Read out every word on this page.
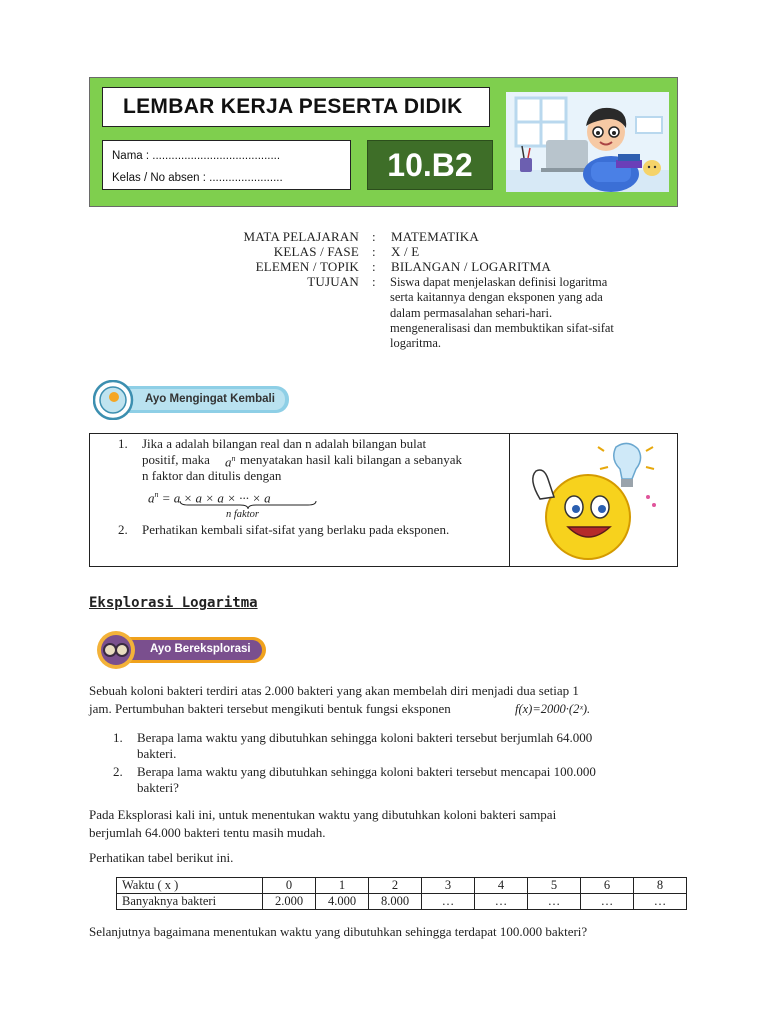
LEMBAR KERJA PESERTA DIDIK
Nama : ........................................
Kelas / No absen : .......................	10.B2
MATA PELAJARAN : MATEMATIKA
KELAS / FASE : X / E
ELEMEN / TOPIK : BILANGAN / LOGARITMA
TUJUAN : Siswa dapat menjelaskan definisi logaritma
serta kaitannya dengan eksponen yang ada
dalam permasalahan sehari-hari.
mengeneralisasi dan membuktikan sifat-sifat
logaritma.
Ayo Mengingat Kembali
1. Jika a adalah bilangan real dan n adalah bilangan bulat
positif, maka $a^n$ menyatakan hasil kali bilangan a sebanyak
n faktor dan ditulis dengan
$a^n = a \times a \times a$ × ··· × a
n faktor
2. Perhatikan kembali sifat-sifat yang berlaku pada eksponen.
Eksplorasi Logaritma
Ayo Bereksplorasi
Sebuah koloni bakteri terdiri atas 2.000 bakteri yang akan membelah diri menjadi dua setiap 1
jam. Pertumbuhan bakteri tersebut mengikuti bentuk fungsi eksponen	f(x)=2000·(2ˣ).
1. Berapa lama waktu yang dibutuhkan sehingga koloni bakteri tersebut berjumlah 64.000
bakteri.
2. Berapa lama waktu yang dibutuhkan sehingga koloni bakteri tersebut mencapai 100.000
bakteri?
Pada Eksplorasi kali ini, untuk menentukan waktu yang dibutuhkan koloni bakteri sampai
berjumlah 64.000 bakteri tentu masih mudah.
Perhatikan tabel berikut ini.
Waktu ( x )	0	1	2	3	4	5	6	8
Banyaknya bakteri	2.000	4.000	8.000	…	…	…	…	…
Selanjutnya bagaimana menentukan waktu yang dibutuhkan sehingga terdapat 100.000 bakteri?
